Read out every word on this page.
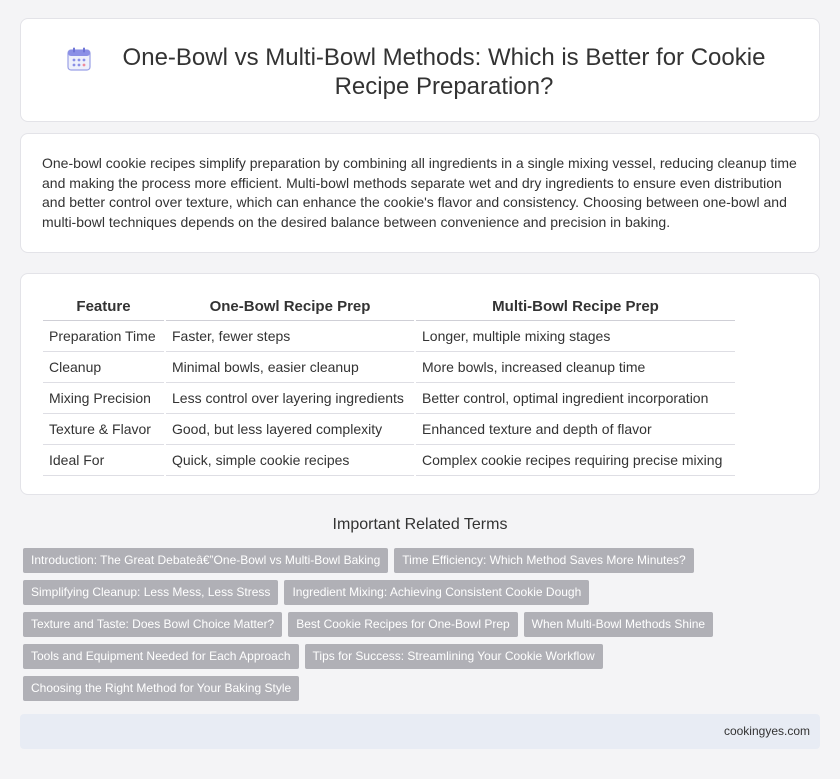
One-Bowl vs Multi-Bowl Methods: Which is Better for Cookie Recipe Preparation?

One-bowl cookie recipes simplify preparation by combining all ingredients in a single mixing vessel, reducing cleanup time and making the process more efficient. Multi-bowl methods separate wet and dry ingredients to ensure even distribution and better control over texture, which can enhance the cookie's flavor and consistency. Choosing between one-bowl and multi-bowl techniques depends on the desired balance between convenience and precision in baking.

Feature	One-Bowl Recipe Prep	Multi-Bowl Recipe Prep
Preparation Time	Faster, fewer steps	Longer, multiple mixing stages
Cleanup	Minimal bowls, easier cleanup	More bowls, increased cleanup time
Mixing Precision	Less control over layering ingredients	Better control, optimal ingredient incorporation
Texture & Flavor	Good, but less layered complexity	Enhanced texture and depth of flavor
Ideal For	Quick, simple cookie recipes	Complex cookie recipes requiring precise mixing
Important Related Terms
Introduction: The Great Debateâ€”One-Bowl vs Multi-Bowl Baking	Time Efficiency: Which Method Saves More Minutes?
Simplifying Cleanup: Less Mess, Less Stress	Ingredient Mixing: Achieving Consistent Cookie Dough
Texture and Taste: Does Bowl Choice Matter?	Best Cookie Recipes for One-Bowl Prep	When Multi-Bowl Methods Shine
Tools and Equipment Needed for Each Approach	Tips for Success: Streamlining Your Cookie Workflow
Choosing the Right Method for Your Baking Style
cookingyes.com
